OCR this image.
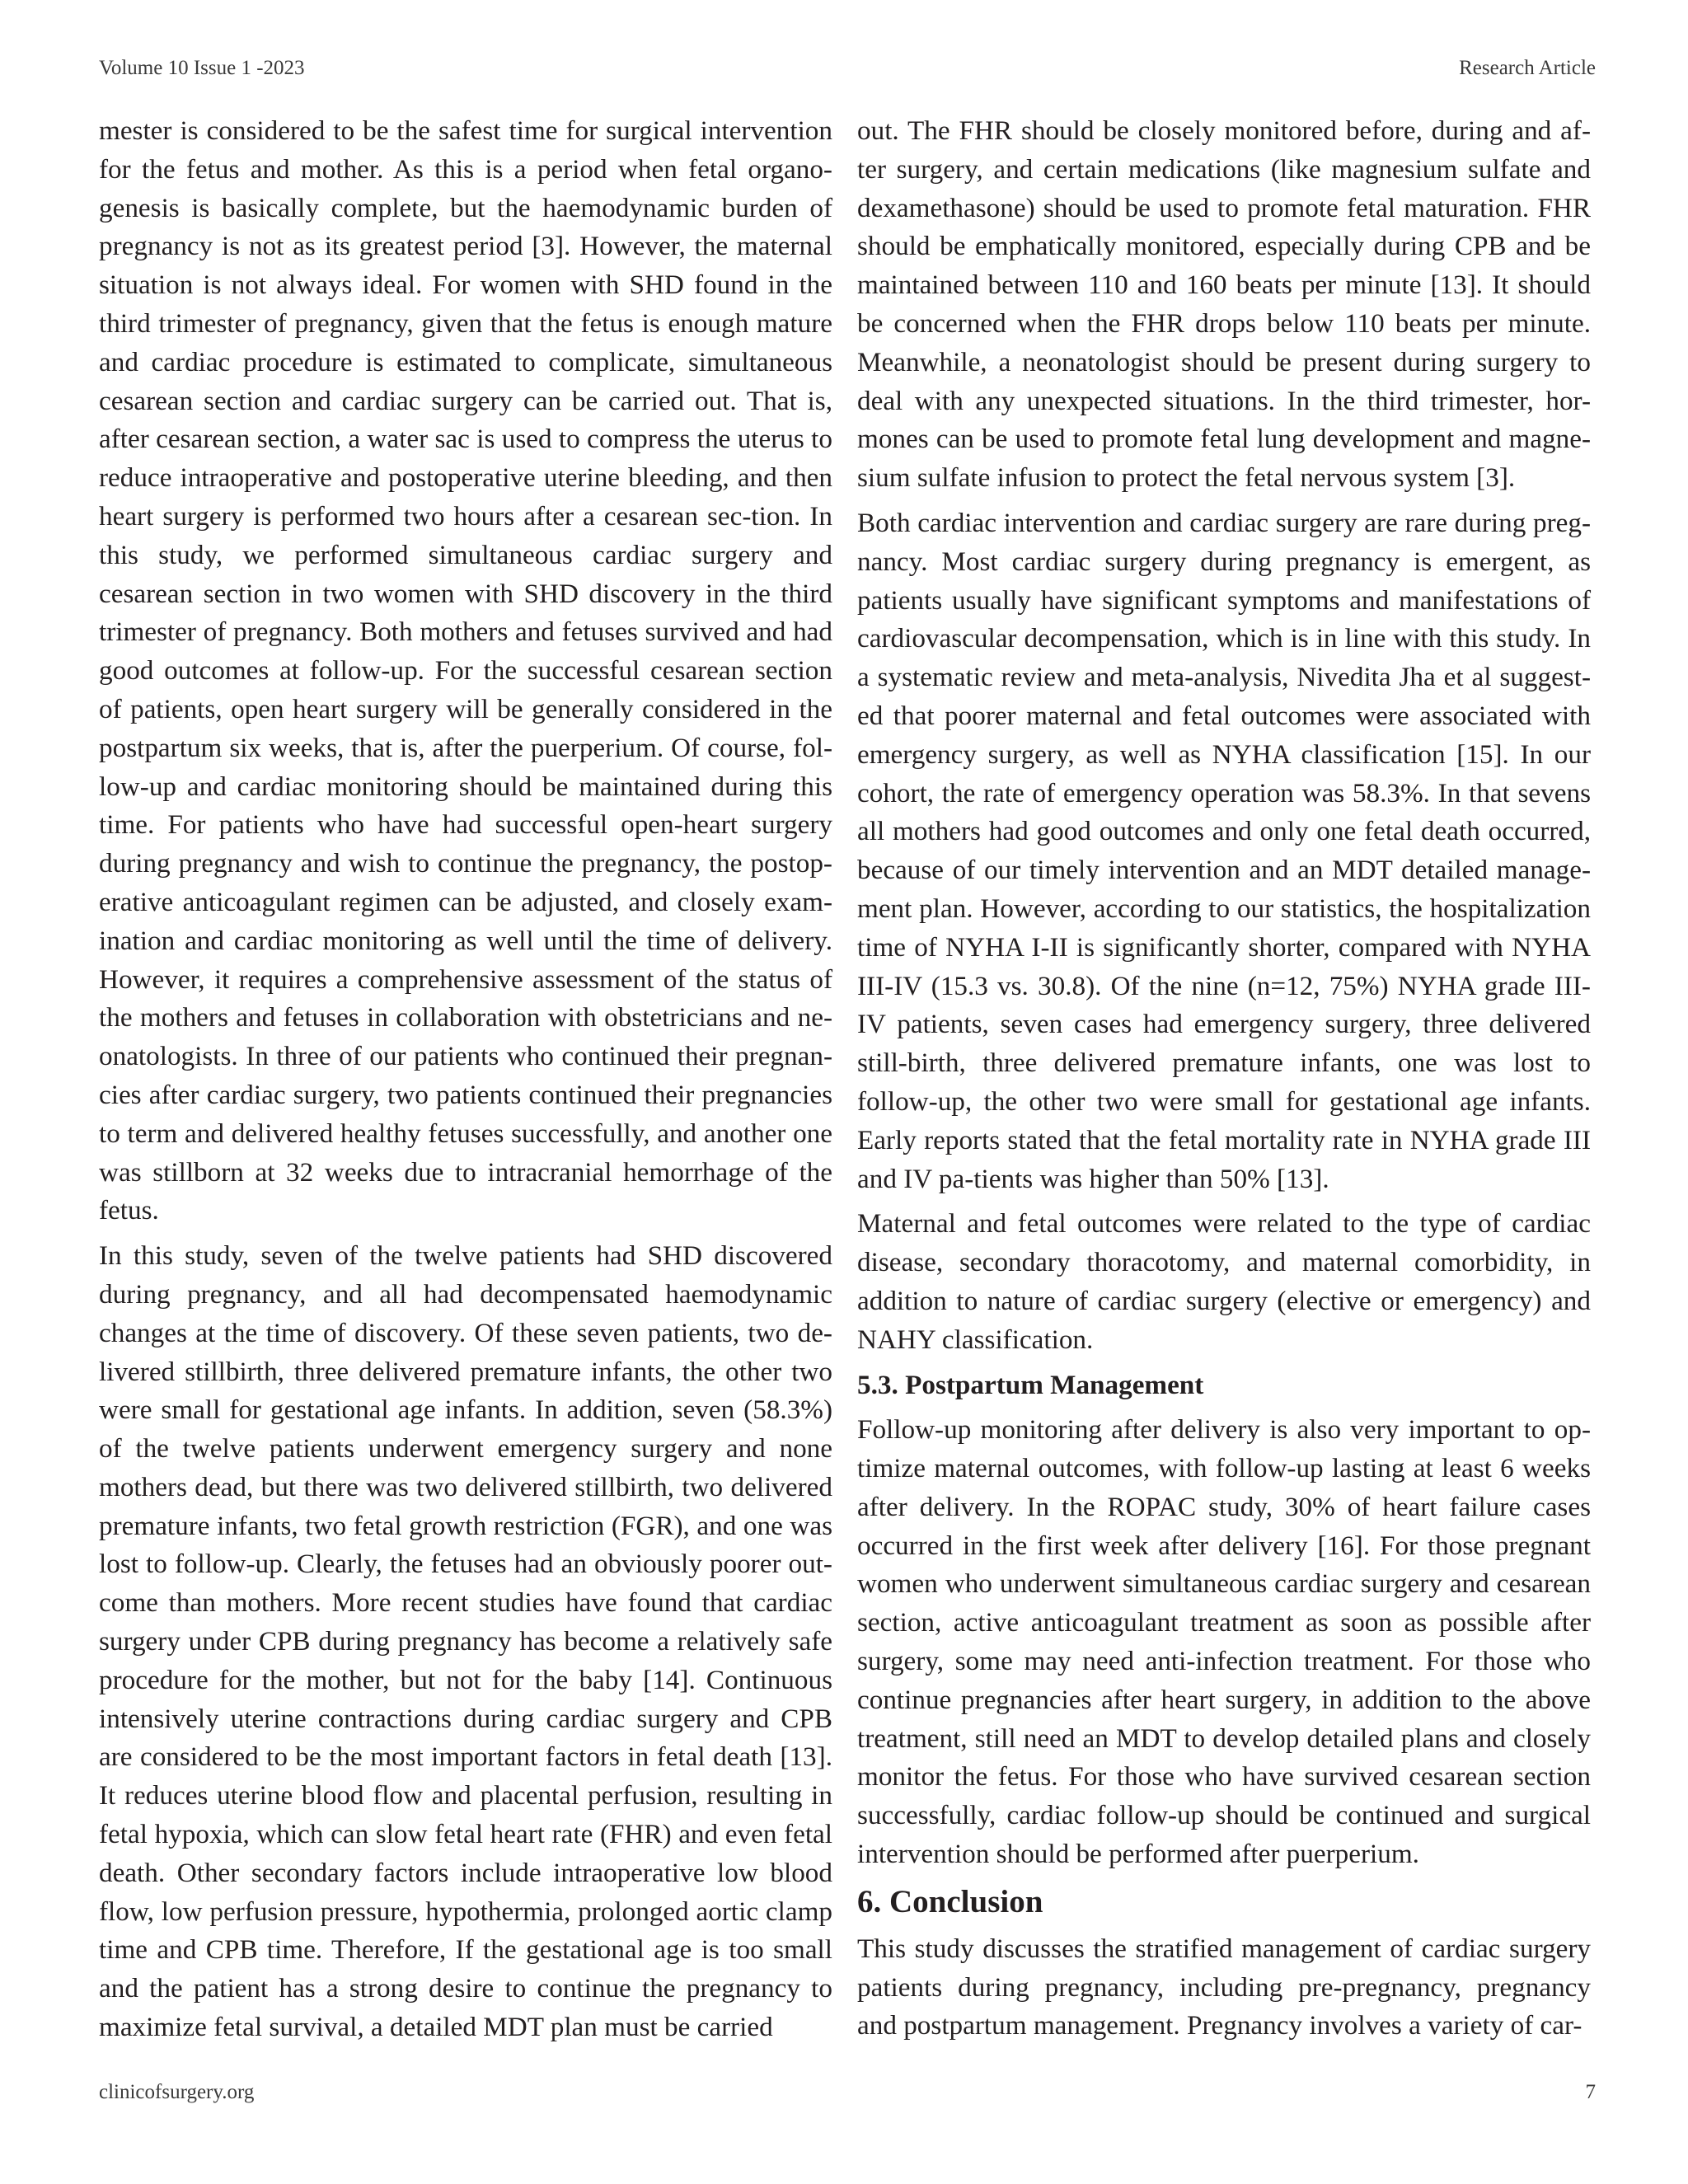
Volume 10 Issue 1 -2023	Research Article

mester is considered to be the safest time for surgical intervention for the fetus and mother. As this is a period when fetal organo-genesis is basically complete, but the haemodynamic burden of pregnancy is not as its greatest period [3]. However, the maternal situation is not always ideal. For women with SHD found in the third trimester of pregnancy, given that the fetus is enough mature and cardiac procedure is estimated to complicate, simultaneous cesarean section and cardiac surgery can be carried out. That is, after cesarean section, a water sac is used to compress the uterus to reduce intraoperative and postoperative uterine bleeding, and then heart surgery is performed two hours after a cesarean sec-tion. In this study, we performed simultaneous cardiac surgery and cesarean section in two women with SHD discovery in the third trimester of pregnancy. Both mothers and fetuses survived and had good outcomes at follow-up. For the successful cesarean section of patients, open heart surgery will be generally considered in the postpartum six weeks, that is, after the puerperium. Of course, fol-low-up and cardiac monitoring should be maintained during this time. For patients who have had successful open-heart surgery during pregnancy and wish to continue the pregnancy, the postop-erative anticoagulant regimen can be adjusted, and closely exam-ination and cardiac monitoring as well until the time of delivery. However, it requires a comprehensive assessment of the status of the mothers and fetuses in collaboration with obstetricians and ne-onatologists. In three of our patients who continued their pregnan-cies after cardiac surgery, two patients continued their pregnancies to term and delivered healthy fetuses successfully, and another one was stillborn at 32 weeks due to intracranial hemorrhage of the fetus.

In this study, seven of the twelve patients had SHD discovered during pregnancy, and all had decompensated haemodynamic changes at the time of discovery. Of these seven patients, two de-livered stillbirth, three delivered premature infants, the other two were small for gestational age infants. In addition, seven (58.3%) of the twelve patients underwent emergency surgery and none mothers dead, but there was two delivered stillbirth, two delivered premature infants, two fetal growth restriction (FGR), and one was lost to follow-up. Clearly, the fetuses had an obviously poorer out-come than mothers. More recent studies have found that cardiac surgery under CPB during pregnancy has become a relatively safe procedure for the mother, but not for the baby [14]. Continuous intensively uterine contractions during cardiac surgery and CPB are considered to be the most important factors in fetal death [13]. It reduces uterine blood flow and placental perfusion, resulting in fetal hypoxia, which can slow fetal heart rate (FHR) and even fetal death. Other secondary factors include intraoperative low blood flow, low perfusion pressure, hypothermia, prolonged aortic clamp time and CPB time. Therefore, If the gestational age is too small and the patient has a strong desire to continue the pregnancy to maximize fetal survival, a detailed MDT plan must be carried

out. The FHR should be closely monitored before, during and af-ter surgery, and certain medications (like magnesium sulfate and dexamethasone) should be used to promote fetal maturation. FHR should be emphatically monitored, especially during CPB and be maintained between 110 and 160 beats per minute [13]. It should be concerned when the FHR drops below 110 beats per minute. Meanwhile, a neonatologist should be present during surgery to deal with any unexpected situations. In the third trimester, hor-mones can be used to promote fetal lung development and magne-sium sulfate infusion to protect the fetal nervous system [3].

Both cardiac intervention and cardiac surgery are rare during preg-nancy. Most cardiac surgery during pregnancy is emergent, as patients usually have significant symptoms and manifestations of cardiovascular decompensation, which is in line with this study. In a systematic review and meta-analysis, Nivedita Jha et al suggest-ed that poorer maternal and fetal outcomes were associated with emergency surgery, as well as NYHA classification [15]. In our cohort, the rate of emergency operation was 58.3%. In that sevens all mothers had good outcomes and only one fetal death occurred, because of our timely intervention and an MDT detailed manage-ment plan. However, according to our statistics, the hospitalization time of NYHA I-II is significantly shorter, compared with NYHA III-IV (15.3 vs. 30.8). Of the nine (n=12, 75%) NYHA grade III-IV patients, seven cases had emergency surgery, three delivered still-birth, three delivered premature infants, one was lost to follow-up, the other two were small for gestational age infants. Early reports stated that the fetal mortality rate in NYHA grade III and IV pa-tients was higher than 50% [13].

Maternal and fetal outcomes were related to the type of cardiac disease, secondary thoracotomy, and maternal comorbidity, in addition to nature of cardiac surgery (elective or emergency) and NAHY classification.

5.3. Postpartum Management

Follow-up monitoring after delivery is also very important to op-timize maternal outcomes, with follow-up lasting at least 6 weeks after delivery. In the ROPAC study, 30% of heart failure cases occurred in the first week after delivery [16]. For those pregnant women who underwent simultaneous cardiac surgery and cesarean section, active anticoagulant treatment as soon as possible after surgery, some may need anti-infection treatment. For those who continue pregnancies after heart surgery, in addition to the above treatment, still need an MDT to develop detailed plans and closely monitor the fetus. For those who have survived cesarean section successfully, cardiac follow-up should be continued and surgical intervention should be performed after puerperium.

6. Conclusion

This study discusses the stratified management of cardiac surgery patients during pregnancy, including pre-pregnancy, pregnancy and postpartum management. Pregnancy involves a variety of car-

clinicofsurgery.org	7
